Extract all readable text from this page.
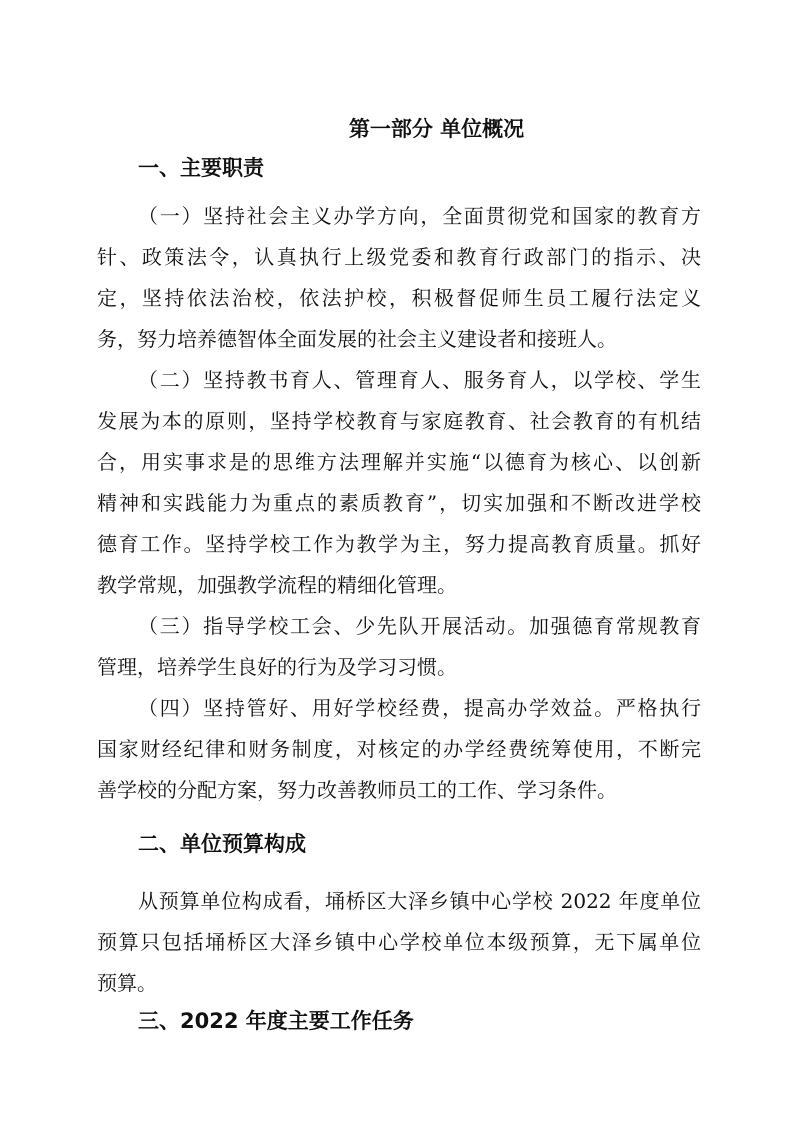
第一部分 单位概况
一、主要职责

（一）坚持社会主义办学方向，全面贯彻党和国家的教育方
针、政策法令，认真执行上级党委和教育行政部门的指示、决
定，坚持依法治校，依法护校，积极督促师生员工履行法定义
务，努力培养德智体全面发展的社会主义建设者和接班人。

（二）坚持教书育人、管理育人、服务育人，以学校、学生
发展为本的原则，坚持学校教育与家庭教育、社会教育的有机结
合，用实事求是的思维方法理解并实施“以德育为核心、以创新
精神和实践能力为重点的素质教育”，切实加强和不断改进学校
德育工作。坚持学校工作为教学为主，努力提高教育质量。抓好
教学常规，加强教学流程的精细化管理。

（三）指导学校工会、少先队开展活动。加强德育常规教育
管理，培养学生良好的行为及学习习惯。

（四）坚持管好、用好学校经费，提高办学效益。严格执行
国家财经纪律和财务制度，对核定的办学经费统筹使用，不断完
善学校的分配方案，努力改善教师员工的工作、学习条件。

二、单位预算构成

从预算单位构成看，埇桥区大泽乡镇中心学校 2022 年度单位
预算只包括埇桥区大泽乡镇中心学校单位本级预算，无下属单位
预算。

三、2022 年度主要工作任务
